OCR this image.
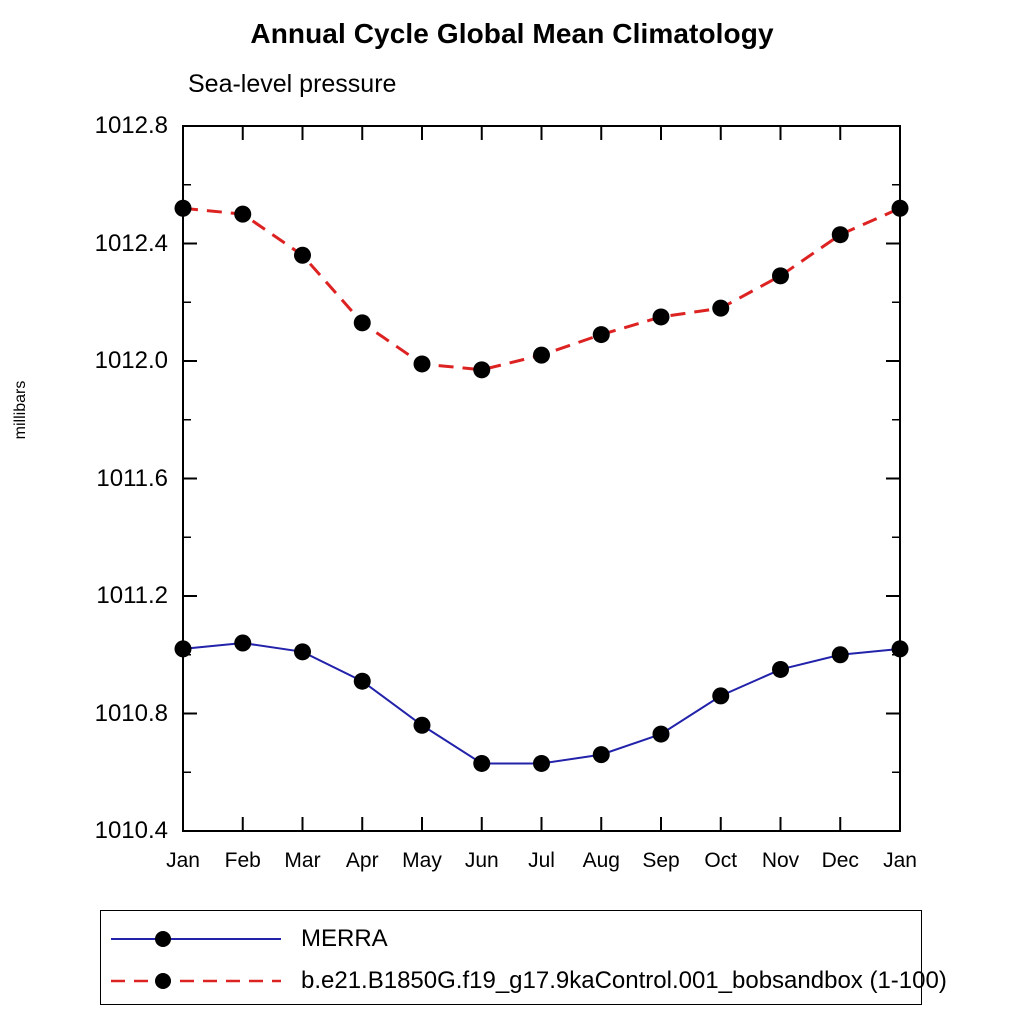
Annual Cycle Global Mean Climatology
Sea-level pressure
millibars
Jan Feb Mar Apr May Jun Jul Aug Sep Oct Nov Dec Jan
1010.4
1010.8
1011.2
1011.6
1012.0
1012.4
1012.8
MERRA
b.e21.B1850G.f19_g17.9kaControl.001_bobsandbox (1-100)
